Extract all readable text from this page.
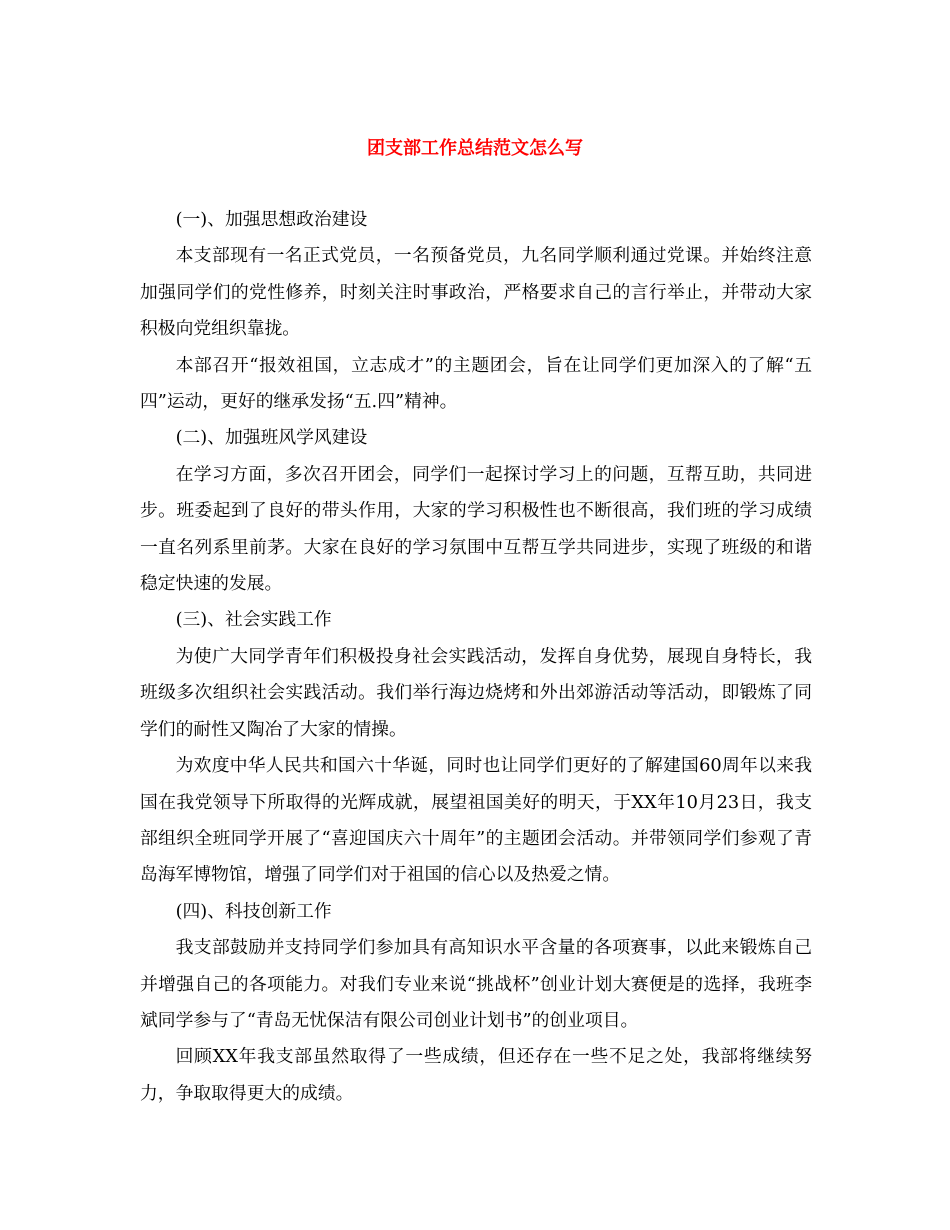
团支部工作总结范文怎么写

(一)、加强思想政治建设

本支部现有一名正式党员，一名预备党员，九名同学顺利通过党课。并始终注意加强同学们的党性修养，时刻关注时事政治，严格要求自己的言行举止，并带动大家积极向党组织靠拢。

本部召开“报效祖国，立志成才”的主题团会，旨在让同学们更加深入的了解“五四”运动，更好的继承发扬“五.四”精神。

(二)、加强班风学风建设

在学习方面，多次召开团会，同学们一起探讨学习上的问题，互帮互助，共同进步。班委起到了良好的带头作用，大家的学习积极性也不断很高，我们班的学习成绩一直名列系里前茅。大家在良好的学习氛围中互帮互学共同进步，实现了班级的和谐稳定快速的发展。

(三)、社会实践工作

为使广大同学青年们积极投身社会实践活动，发挥自身优势，展现自身特长，我班级多次组织社会实践活动。我们举行海边烧烤和外出郊游活动等活动，即锻炼了同学们的耐性又陶冶了大家的情操。

为欢度中华人民共和国六十华诞，同时也让同学们更好的了解建国60周年以来我国在我党领导下所取得的光辉成就，展望祖国美好的明天，于XX年10月23日，我支部组织全班同学开展了“喜迎国庆六十周年”的主题团会活动。并带领同学们参观了青岛海军博物馆，增强了同学们对于祖国的信心以及热爱之情。

(四)、科技创新工作

我支部鼓励并支持同学们参加具有高知识水平含量的各项赛事，以此来锻炼自己并增强自己的各项能力。对我们专业来说“挑战杯”创业计划大赛便是的选择，我班李斌同学参与了“青岛无忧保洁有限公司创业计划书”的创业项目。

回顾XX年我支部虽然取得了一些成绩，但还存在一些不足之处，我部将继续努力，争取取得更大的成绩。
